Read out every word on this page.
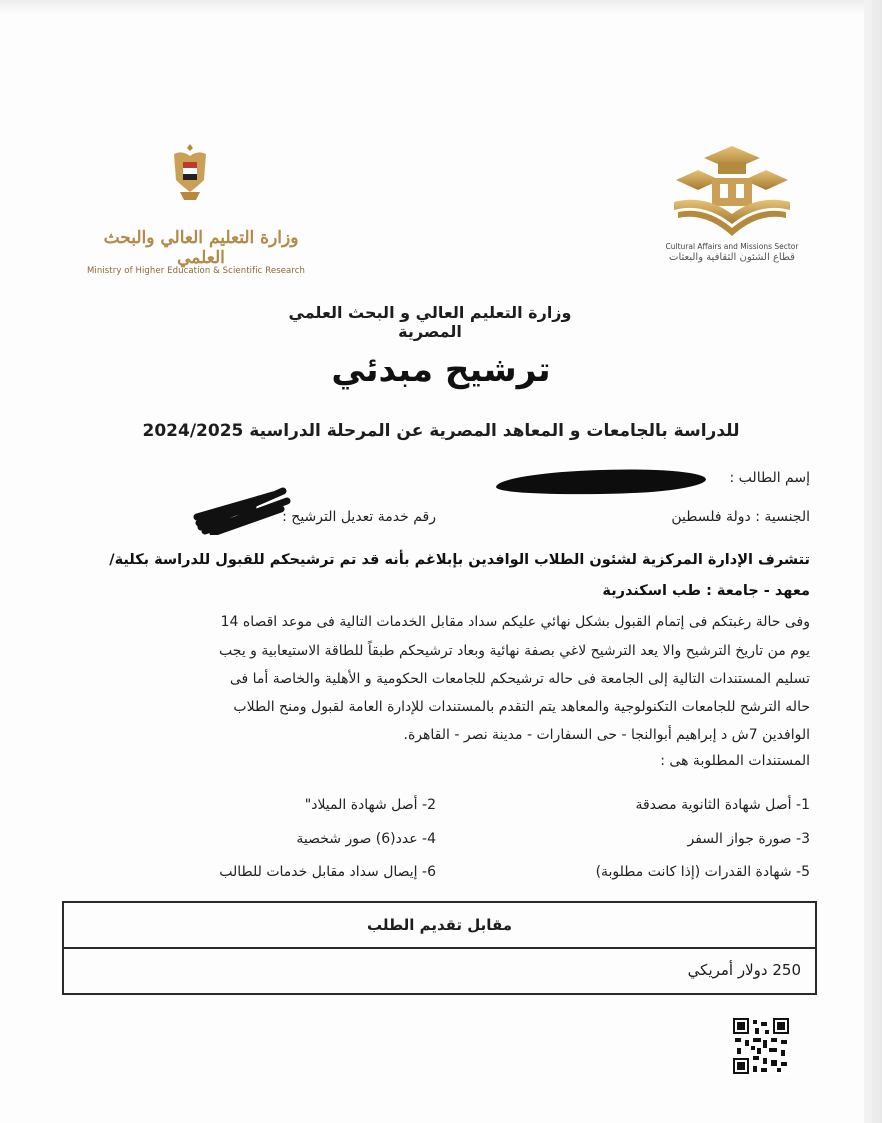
وزارة التعليم العالي والبحث العلمي
Ministry of Higher Education & Scientific Research
Cultural Affairs and Missions Sector
قطاع الشئون الثقافية والبعثات
وزارة التعليم العالي و البحث العلمي المصرية
ترشيح مبدئي
للدراسة بالجامعات و المعاهد المصرية عن المرحلة الدراسية 2024/2025
إسم الطالب :
الجنسية : دولة فلسطين
رقم خدمة تعديل الترشيح :
تتشرف الإدارة المركزية لشئون الطلاب الوافدين بإبلاغم بأنه قد تم ترشيحكم للقبول للدراسة بكلية/
معهد - جامعة : طب اسكندرية
وفى حالة رغبتكم فى إتمام القبول بشكل نهائي عليكم سداد مقابل الخدمات التالية فى موعد اقصاه 14
يوم من تاريخ الترشيح والا يعد الترشيح لاغي بصفة نهائية وبعاد ترشيحكم طبقاً للطاقة الاستيعابية و يجب
تسليم المستندات التالية إلى الجامعة فى حاله ترشيحكم للجامعات الحكومية و الأهلية والخاصة أما فى
حاله الترشح للجامعات التكنولوجية والمعاهد يتم التقدم بالمستندات للإدارة العامة لقبول ومنح الطلاب
الوافدين 7ش د إبراهيم أبوالنجا - حى السفارات - مدينة نصر - القاهرة.
المستندات المطلوبة هى :
1- أصل شهادة الثانوية مصدقة
2- أصل شهادة الميلاد"
3- صورة جواز السفر
4- عدد(6) صور شخصية
5- شهادة القدرات (إذا كانت مطلوبة)
6- إيصال سداد مقابل خدمات للطالب
مقابل تقديم الطلب
250 دولار أمريكي
